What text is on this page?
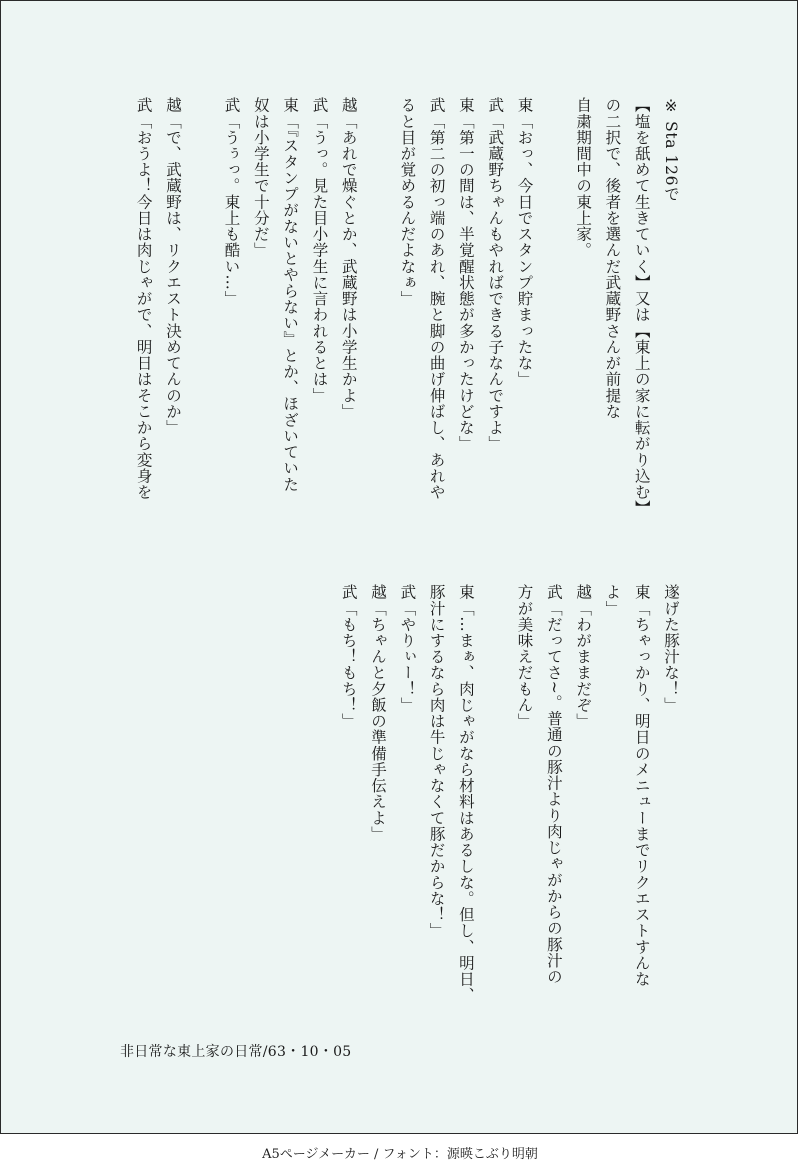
※ Sta 126で
【塩を舐めて生きていく】又は【東上の家に転がり込む】
の二択で、後者を選んだ武蔵野さんが前提な
自粛期間中の東上家。

東「おっ、今日でスタンプ貯まったな」
武「武蔵野ちゃんもやればできる子なんですよ」
東「第一の間は、半覚醒状態が多かったけどな」
武「第二の初っ端のあれ、腕と脚の曲げ伸ばし、あれや
ると目が覚めるんだよなぁ」

越「あれで燥ぐとか、武蔵野は小学生かよ」
武「うっ。見た目小学生に言われるとは」
東「『スタンプがないとやらない』とか、ほざいていた
奴は小学生で十分だ」
武「うぅっ。東上も酷い…」

越「で、武蔵野は、リクエスト決めてんのか」
武「おうよ！今日は肉じゃがで、明日はそこから変身を
遂げた豚汁な！」
東「ちゃっかり、明日のメニューまでリクエストすんな
よ」
越「わがままだぞ」
武「だってさ~。普通の豚汁より肉じゃがからの豚汁の
方が美味えだもん」

東「…まぁ、肉じゃがなら材料はあるしな。但し、明日、
豚汁にするなら肉は牛じゃなくて豚だからな！」
武「やりぃー！」
越「ちゃんと夕飯の準備手伝えよ」
武「もち！もち！」
非日常な東上家の日常/63・10・05
A5ページメーカー / フォント：源暎こぶり明朝
